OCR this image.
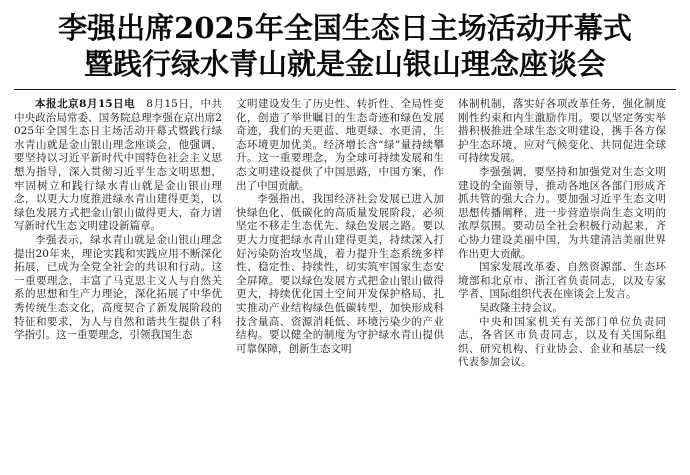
李强出席2025年全国生态日主场活动开幕式
暨践行绿水青山就是金山银山理念座谈会

本报北京8月15日电　8月15日，中共中央政治局常委、国务院总理李强在京出席2025年全国生态日主场活动开幕式暨践行绿水青山就是金山银山理念座谈会，他强调，要坚持以习近平新时代中国特色社会主义思想为指导，深入贯彻习近平生态文明思想，牢固树立和践行绿水青山就是金山银山理念，以更大力度推进绿水青山建得更美，以绿色发展方式把金山银山做得更大，奋力谱写新时代生态文明建设新篇章。

李强表示，绿水青山就是金山银山理念提出20年来，理论实践和实践应用不断深化拓展，已成为全党全社会的共识和行动。这一重要理念，丰富了马克思主义人与自然关系的思想和生产力理论，深化拓展了中华优秀传统生态文化，高度契合了新发展阶段的特征和要求，为人与自然和谐共生提供了科学指引。这一重要理念，引领我国生态

文明建设发生了历史性、转折性、全局性变化，创造了举世瞩目的生态奇迹和绿色发展奇迹，我们的天更蓝、地更绿、水更清，生态环境更加优美。经济增长含“绿”量持续攀升。这一重要理念，为全球可持续发展和生态文明建设提供了中国思路，中国方案，作出了中国贡献。

李强指出，我国经济社会发展已进入加快绿色化、低碳化的高质量发展阶段，必须坚定不移走生态优先、绿色发展之路。要以更大力度把绿水青山建得更美，持续深入打好污染防治攻坚战，着力提升生态系统多样性、稳定性、持续性，切实筑牢国家生态安全屏障。要以绿色发展方式把金山银山做得更大，持续优化国土空间开发保护格局，扎实推动产业结构绿色低碳转型，加快形成科技含量高、资源消耗低、环境污染少的产业结构。要以健全的制度为守护绿水青山提供可靠保障，创新生态文明

体制机制，落实好各项改革任务，强化制度刚性约束和内生激励作用。要以坚定务实举措积极推进全球生态文明建设，携手各方保护生态环境、应对气候变化、共同促进全球可持续发展。

李强强调，要坚持和加强党对生态文明建设的全面领导，推动各地区各部门形成齐抓共管的强大合力。要加强习近平生态文明思想传播阐释，进一步营造崇尚生态文明的浓厚氛围。要动员全社会积极行动起来，齐心协力建设美丽中国，为共建清洁美丽世界作出更大贡献。

国家发展改革委、自然资源部、生态环境部和北京市、浙江省负责同志，以及专家学者、国际组织代表在座谈会上发言。

吴政隆主持会议。

中央和国家机关有关部门单位负责同志，各省区市负责同志，以及有关国际组织、研究机构、行业协会、企业和基层一线代表参加会议。
